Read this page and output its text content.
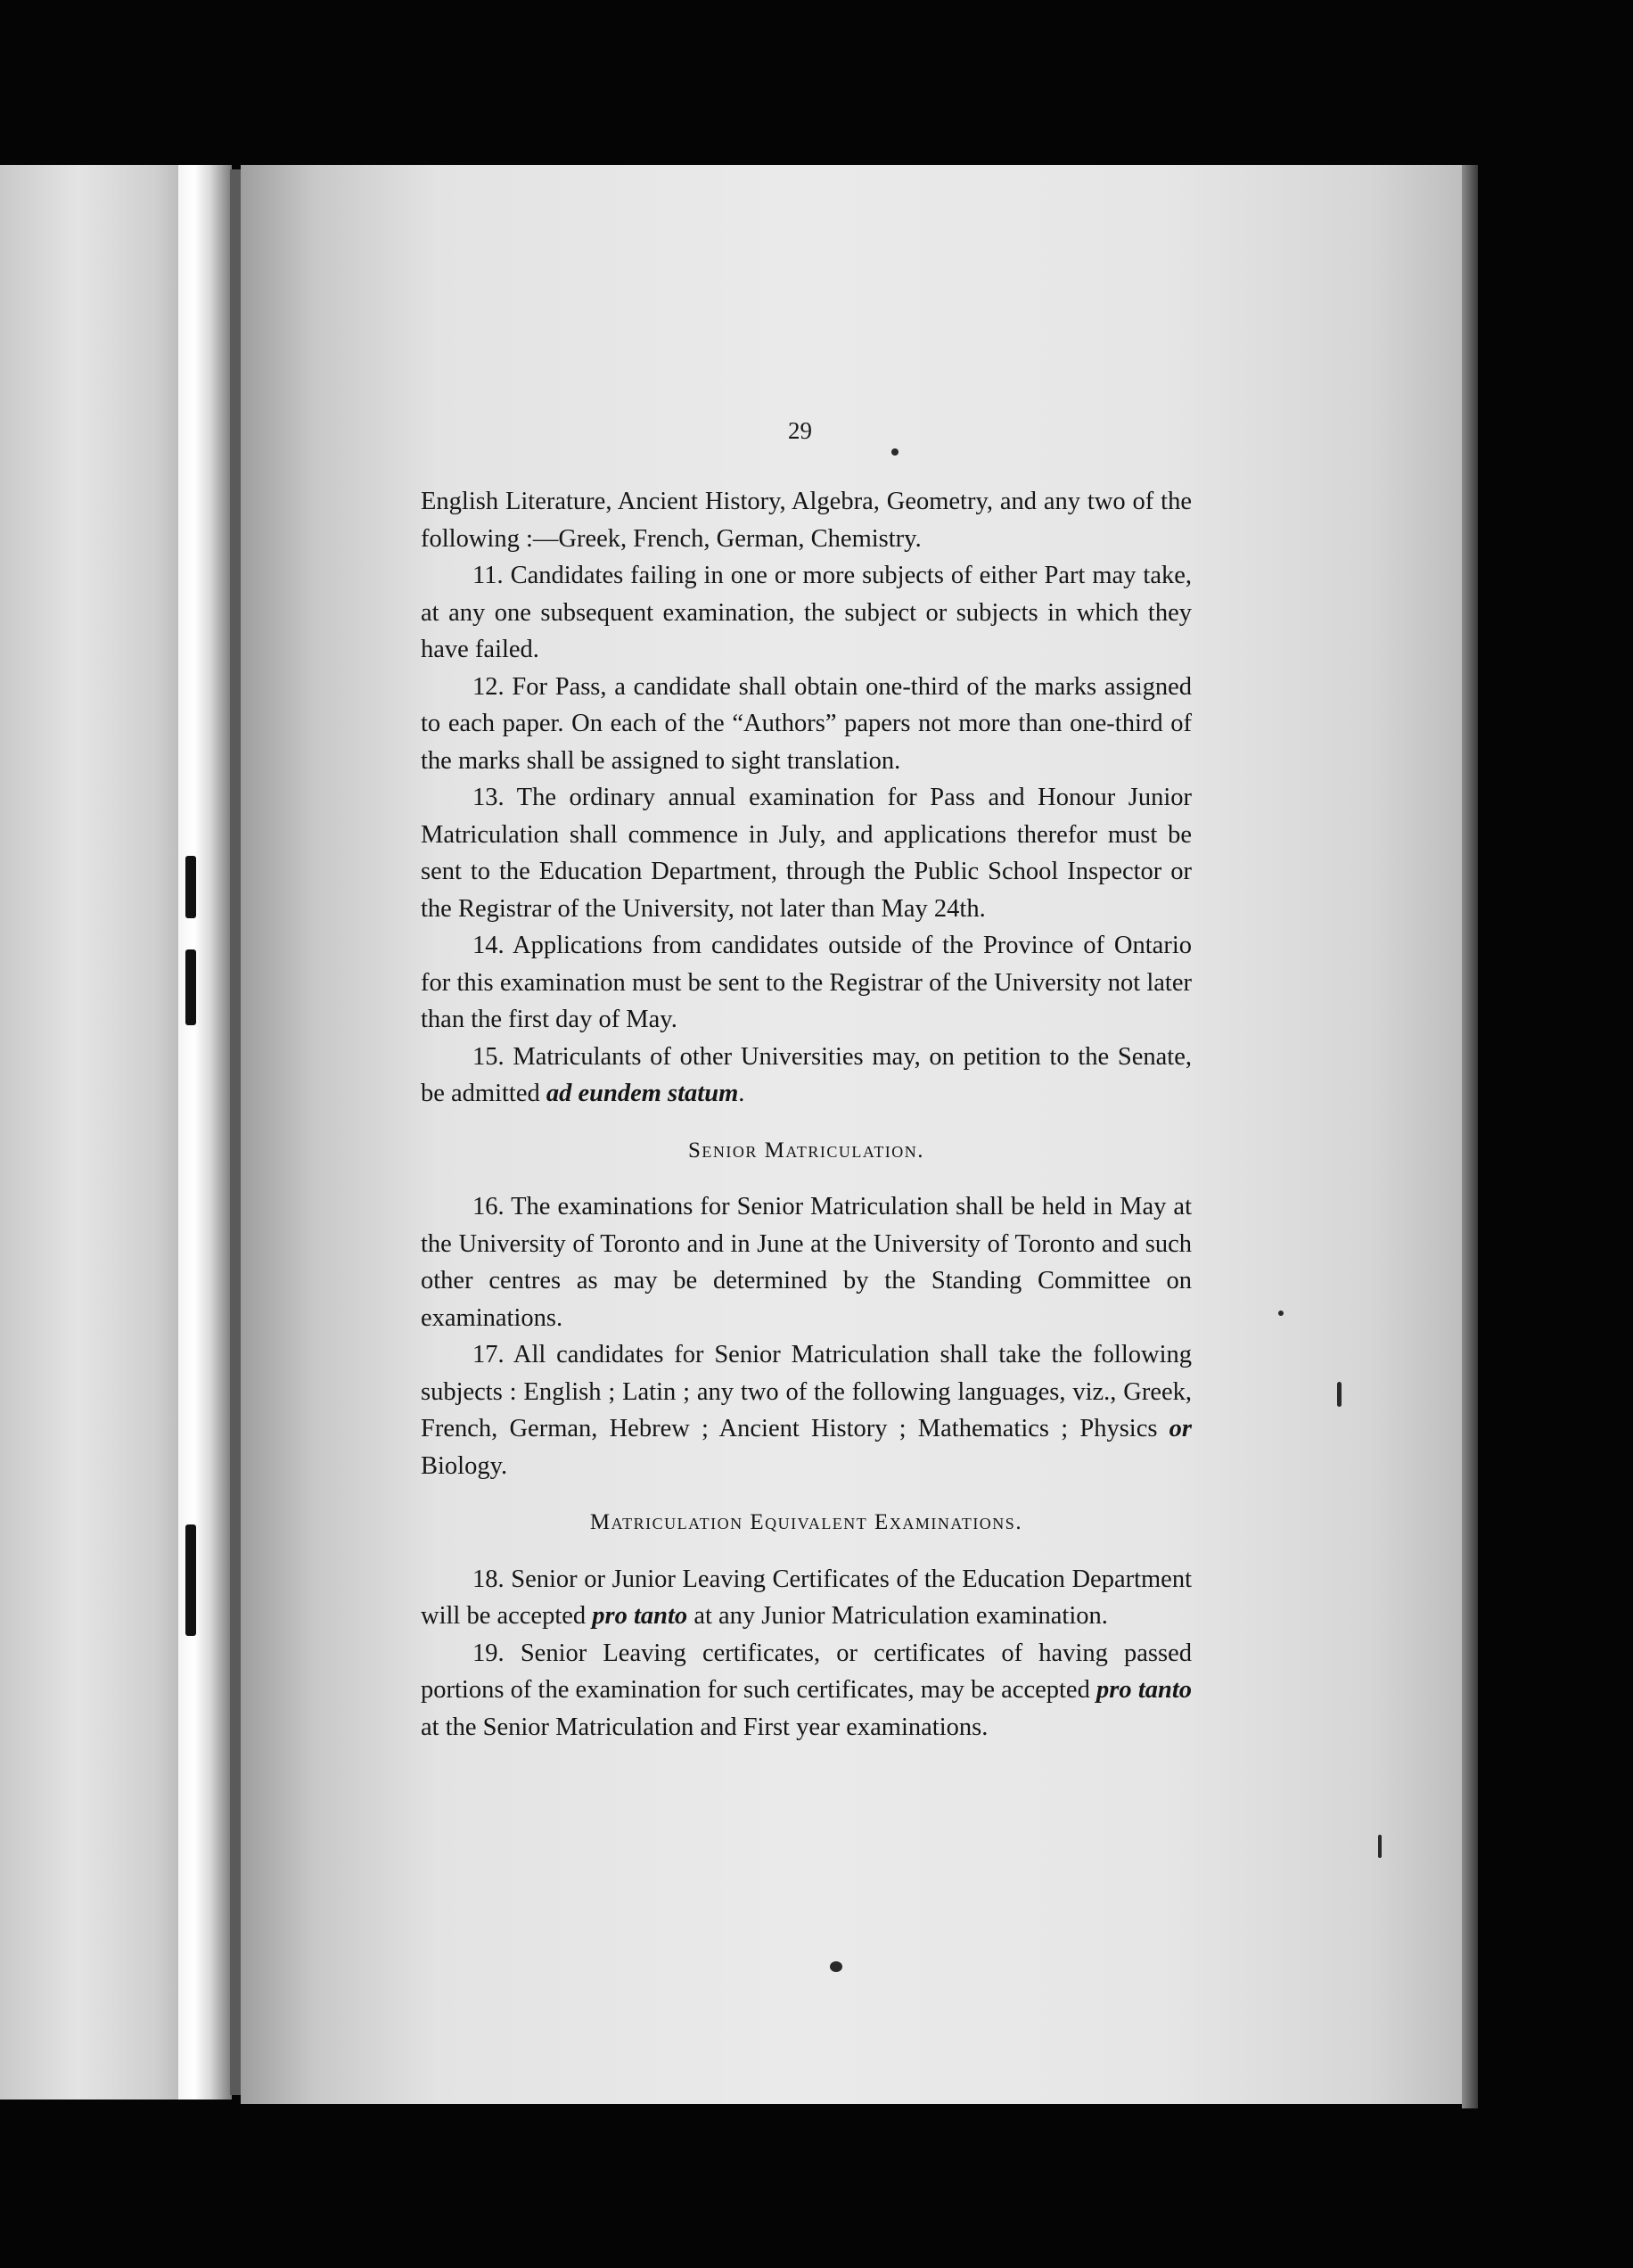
29

English Literature, Ancient History, Algebra, Geometry, and any two of the following :—Greek, French, German, Chemistry.

11. Candidates failing in one or more subjects of either Part may take, at any one subsequent examination, the subject or subjects in which they have failed.

12. For Pass, a candidate shall obtain one-third of the marks assigned to each paper. On each of the “Authors” papers not more than one-third of the marks shall be assigned to sight translation.

13. The ordinary annual examination for Pass and Honour Junior Matriculation shall commence in July, and applications therefor must be sent to the Education Department, through the Public School Inspector or the Registrar of the University, not later than May 24th.

14. Applications from candidates outside of the Province of Ontario for this examination must be sent to the Registrar of the University not later than the first day of May.

15. Matriculants of other Universities may, on petition to the Senate, be admitted ad eundem statum.

Senior Matriculation.

16. The examinations for Senior Matriculation shall be held in May at the University of Toronto and in June at the University of Toronto and such other centres as may be determined by the Standing Committee on examinations.

17. All candidates for Senior Matriculation shall take the following subjects : English ; Latin ; any two of the following languages, viz., Greek, French, German, Hebrew ; Ancient History ; Mathematics ; Physics or Biology.

Matriculation Equivalent Examinations.

18. Senior or Junior Leaving Certificates of the Education Department will be accepted pro tanto at any Junior Matriculation examination.

19. Senior Leaving certificates, or certificates of having passed portions of the examination for such certificates, may be accepted pro tanto at the Senior Matriculation and First year examinations.
